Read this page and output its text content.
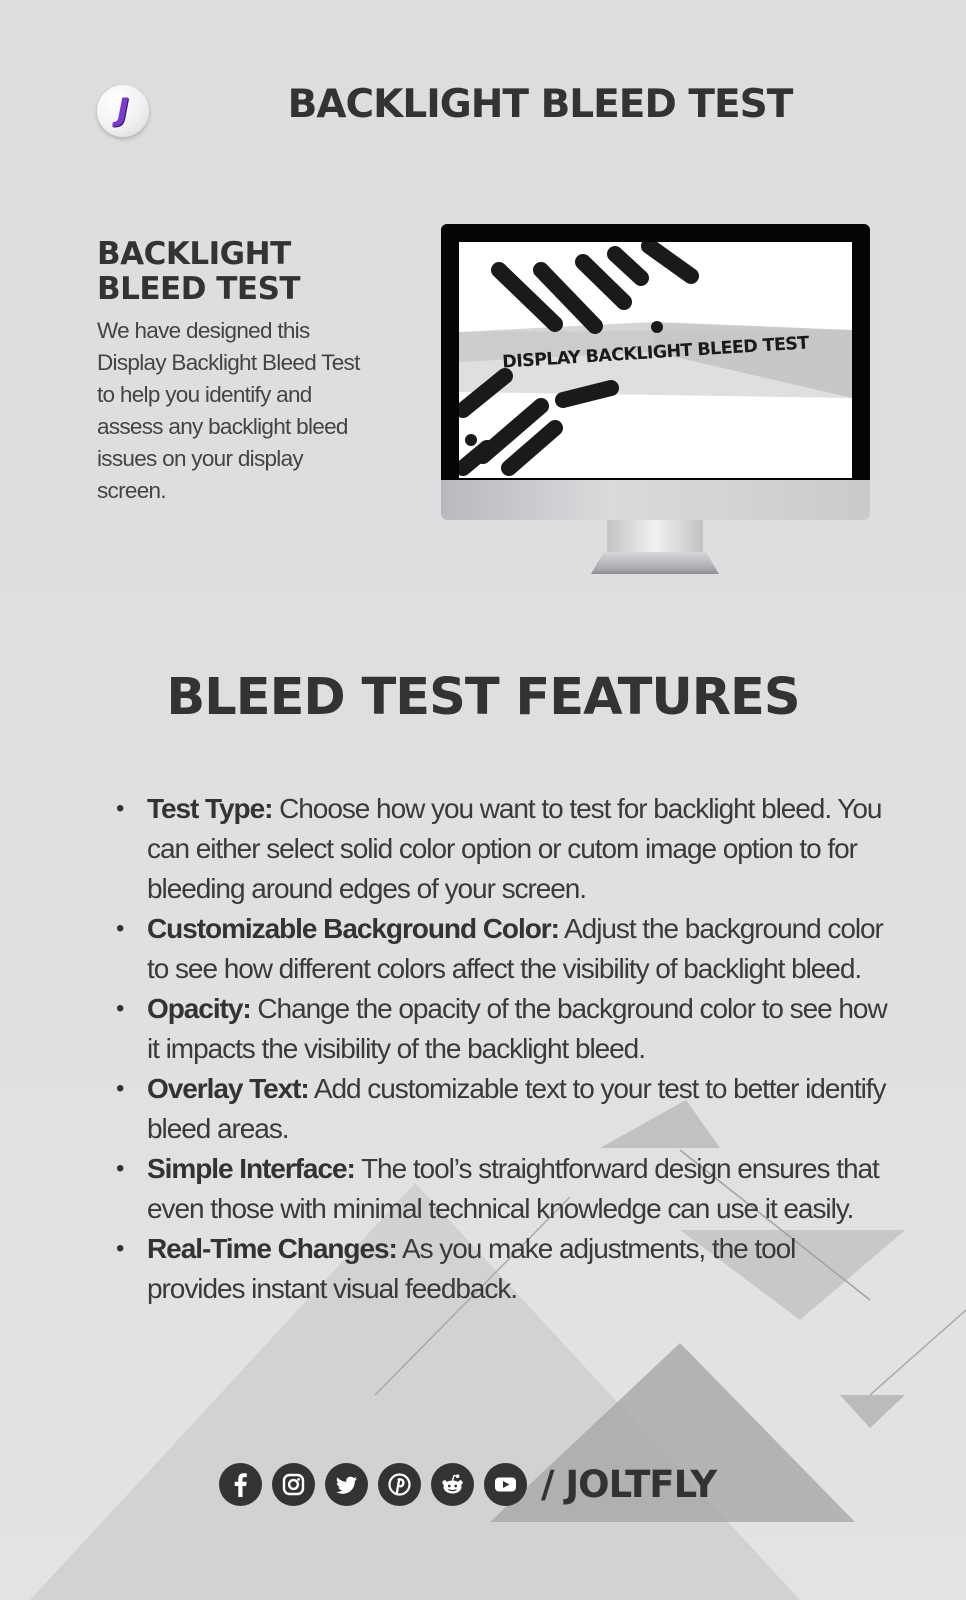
J	BACKLIGHT BLEED TEST
BACKLIGHT
BLEED TEST

We have designed this Display Backlight Bleed Test to help you identify and assess any backlight bleed issues on your display screen.

DISPLAY BACKLIGHT BLEED TEST
BLEED TEST FEATURES
• Test Type: Choose how you want to test for backlight bleed. You can either select solid color option or cutom image option to for bleeding around edges of your screen.
• Customizable Background Color: Adjust the background color to see how different colors affect the visibility of backlight bleed.
• Opacity: Change the opacity of the background color to see how it impacts the visibility of the backlight bleed.
• Overlay Text: Add customizable text to your test to better identify bleed areas.
• Simple Interface: The tool’s straightforward design ensures that even those with minimal technical knowledge can use it easily.
• Real-Time Changes: As you make adjustments, the tool provides instant visual feedback.
/ JOLTFLY
